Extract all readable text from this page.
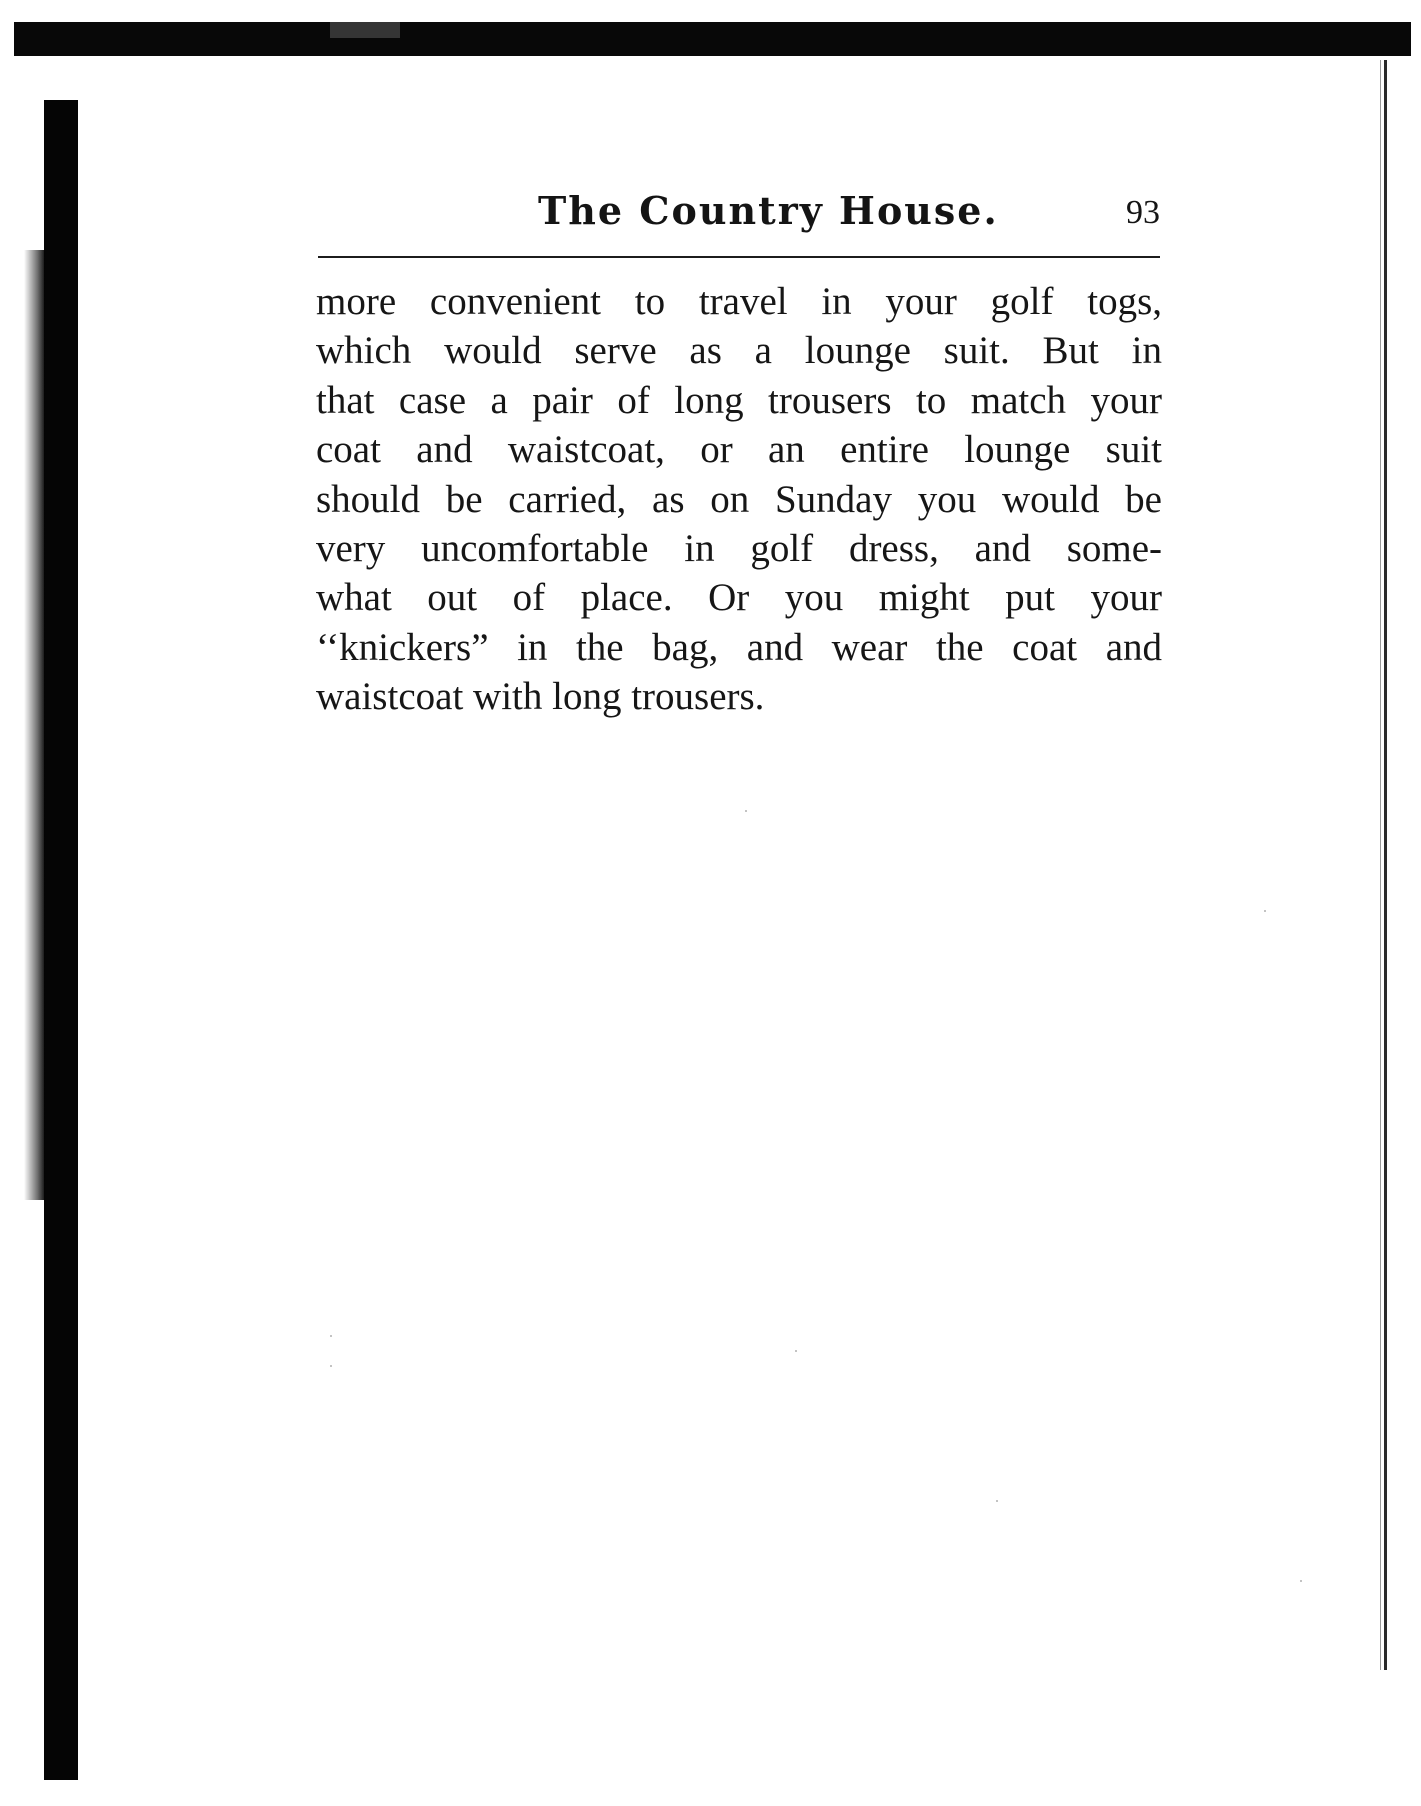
The Country House.	93
more convenient to travel in your golf togs,
which would serve as a lounge suit. But in
that case a pair of long trousers to match your
coat and waistcoat, or an entire lounge suit
should be carried, as on Sunday you would be
very uncomfortable in golf dress, and some-
what out of place. Or you might put your
‘‘knickers” in the bag, and wear the coat and
waistcoat with long trousers.
